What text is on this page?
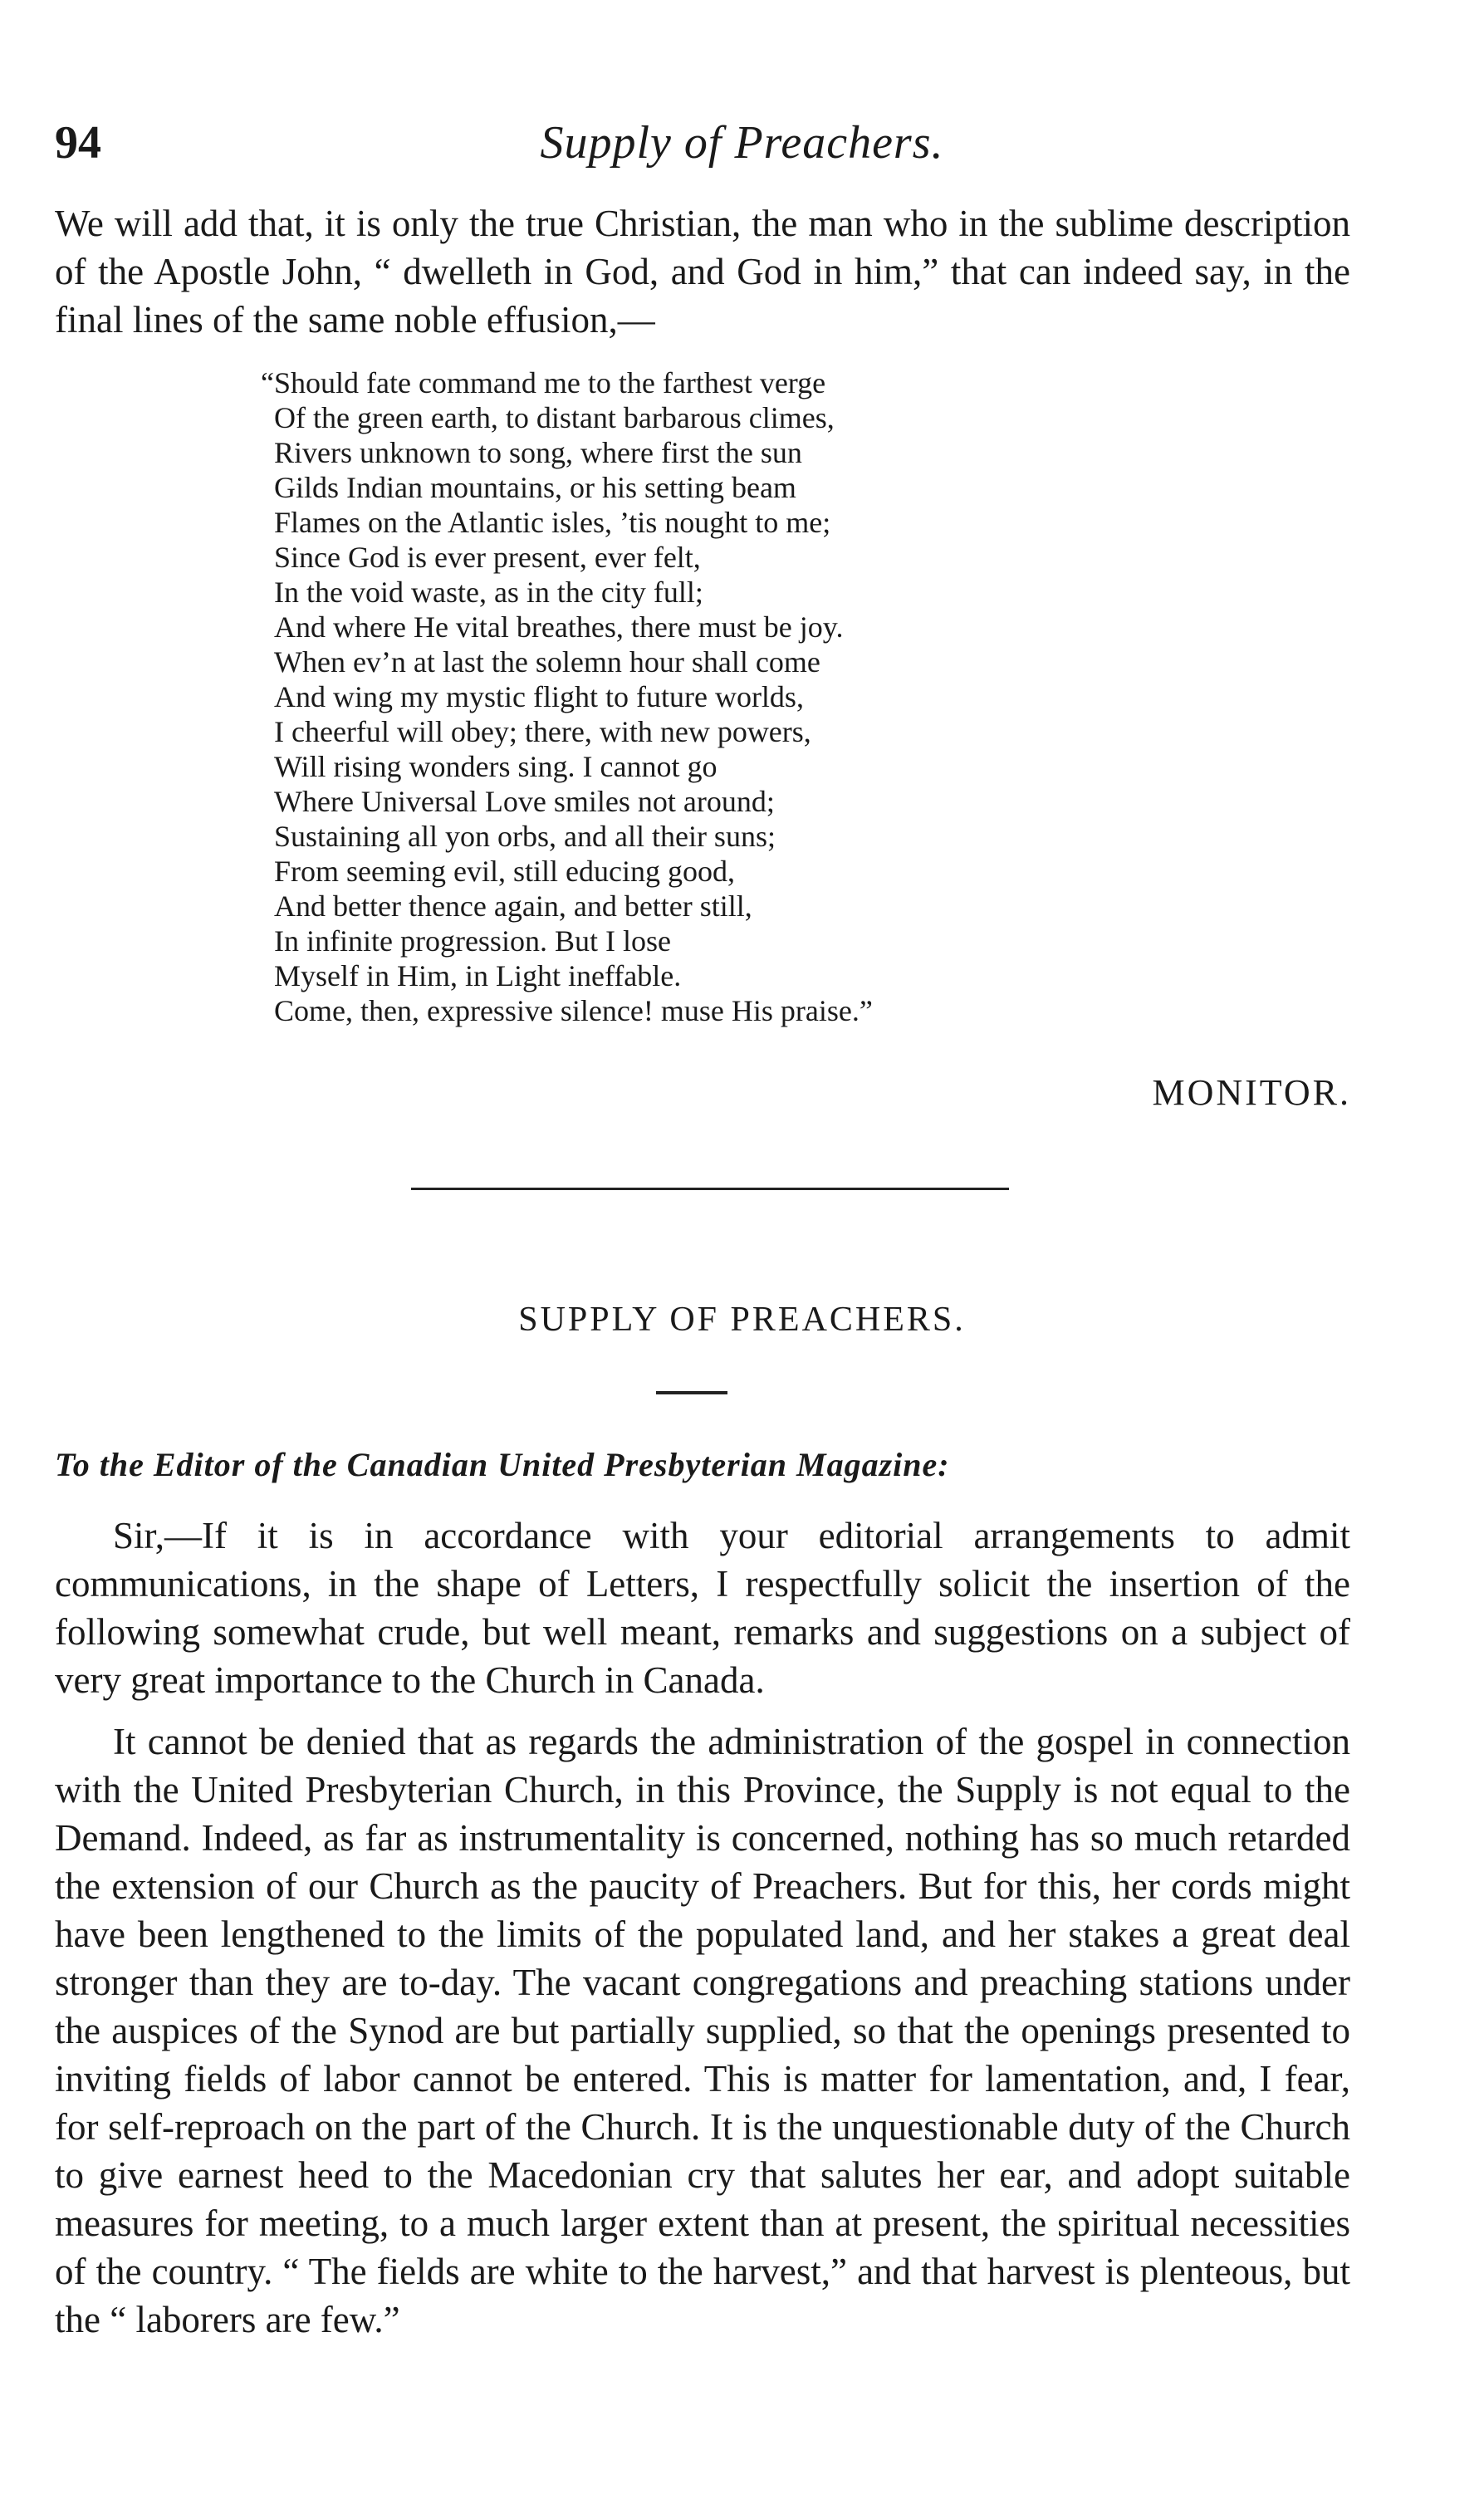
94	Supply of Preachers.

We will add that, it is only the true Christian, the man who in the sublime description of the Apostle John, “ dwelleth in God, and God in him,” that can indeed say, in the final lines of the same noble effusion,—

“Should fate command me to the farthest verge
Of the green earth, to distant barbarous climes,
Rivers unknown to song, where first the sun
Gilds Indian mountains, or his setting beam
Flames on the Atlantic isles, ’tis nought to me;
Since God is ever present, ever felt,
In the void waste, as in the city full;
And where He vital breathes, there must be joy.
When ev’n at last the solemn hour shall come
And wing my mystic flight to future worlds,
I cheerful will obey; there, with new powers,
Will rising wonders sing. I cannot go
Where Universal Love smiles not around;
Sustaining all yon orbs, and all their suns;
From seeming evil, still educing good,
And better thence again, and better still,
In infinite progression. But I lose
Myself in Him, in Light ineffable.
Come, then, expressive silence! muse His praise.”
MONITOR.
SUPPLY OF PREACHERS.
To the Editor of the Canadian United Presbyterian Magazine:

Sir,—If it is in accordance with your editorial arrangements to admit communications, in the shape of Letters, I respectfully solicit the insertion of the following somewhat crude, but well meant, remarks and suggestions on a subject of very great importance to the Church in Canada.

It cannot be denied that as regards the administration of the gospel in connection with the United Presbyterian Church, in this Province, the Supply is not equal to the Demand. Indeed, as far as instrumentality is concerned, nothing has so much retarded the extension of our Church as the paucity of Preachers. But for this, her cords might have been lengthened to the limits of the populated land, and her stakes a great deal stronger than they are to-day. The vacant congregations and preaching stations under the auspices of the Synod are but partially supplied, so that the openings presented to inviting fields of labor cannot be entered. This is matter for lamentation, and, I fear, for self-reproach on the part of the Church. It is the unquestionable duty of the Church to give earnest heed to the Macedonian cry that salutes her ear, and adopt suitable measures for meeting, to a much larger extent than at present, the spiritual necessities of the country. “ The fields are white to the harvest,” and that harvest is plenteous, but the “ laborers are few.”
